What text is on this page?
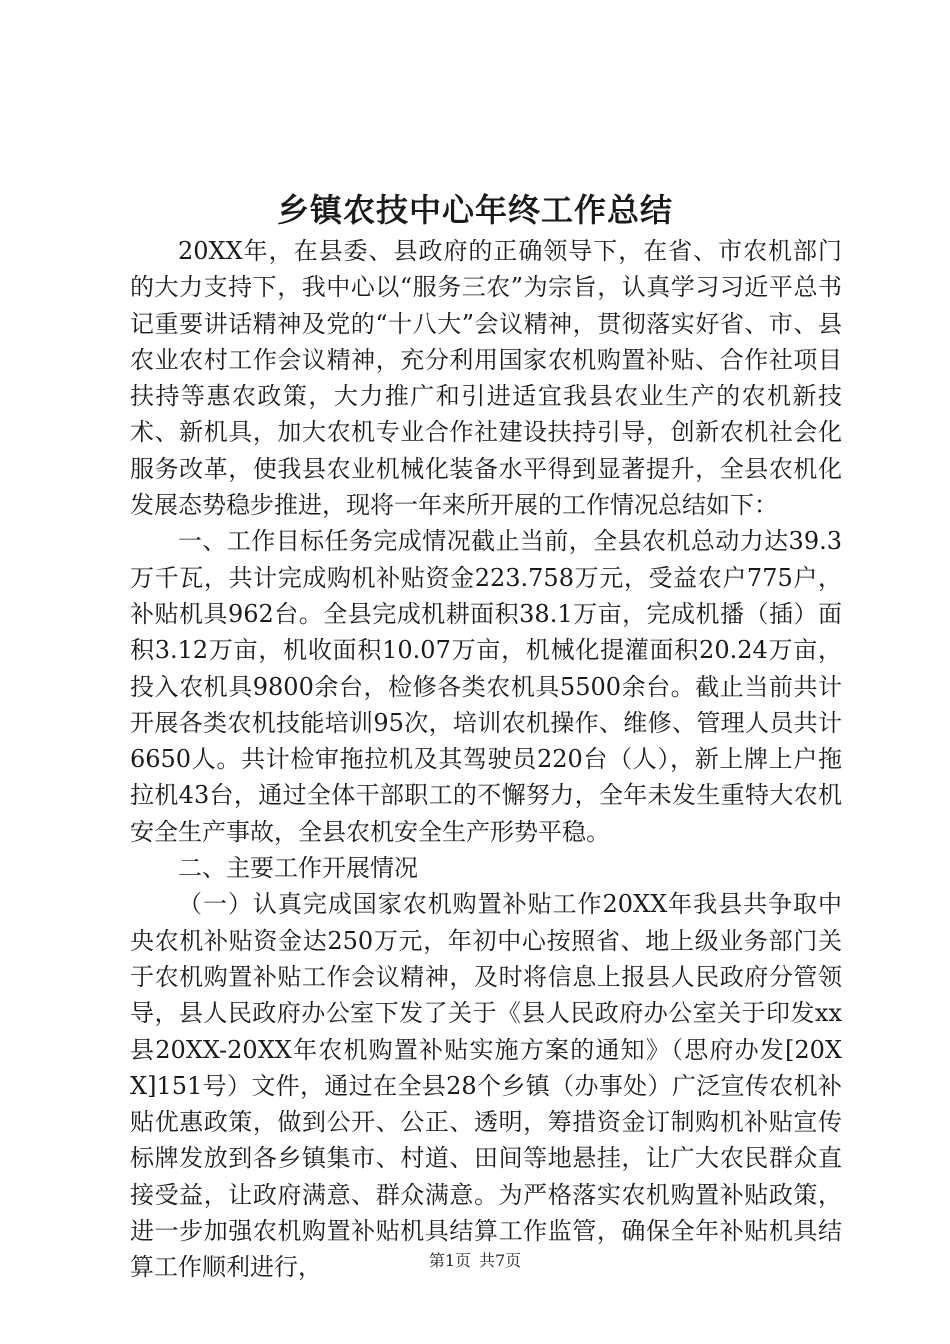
乡镇农技中心年终工作总结

20XX年，在县委、县政府的正确领导下，在省、市农机部门的大力支持下，我中心以“服务三农”为宗旨，认真学习习近平总书记重要讲话精神及党的“十八大”会议精神，贯彻落实好省、市、县农业农村工作会议精神，充分利用国家农机购置补贴、合作社项目扶持等惠农政策，大力推广和引进适宜我县农业生产的农机新技术、新机具，加大农机专业合作社建设扶持引导，创新农机社会化服务改革，使我县农业机械化装备水平得到显著提升，全县农机化发展态势稳步推进，现将一年来所开展的工作情况总结如下：

一、工作目标任务完成情况截止当前，全县农机总动力达39.3万千瓦，共计完成购机补贴资金223.758万元，受益农户775户，补贴机具962台。全县完成机耕面积38.1万亩，完成机播（插）面积3.12万亩，机收面积10.07万亩，机械化提灌面积20.24万亩，投入农机具9800余台，检修各类农机具5500余台。截止当前共计开展各类农机技能培训95次，培训农机操作、维修、管理人员共计6650人。共计检审拖拉机及其驾驶员220台（人），新上牌上户拖拉机43台，通过全体干部职工的不懈努力，全年未发生重特大农机安全生产事故，全县农机安全生产形势平稳。

二、主要工作开展情况

（一）认真完成国家农机购置补贴工作20XX年我县共争取中央农机补贴资金达250万元，年初中心按照省、地上级业务部门关于农机购置补贴工作会议精神，及时将信息上报县人民政府分管领导，县人民政府办公室下发了关于《县人民政府办公室关于印发xx县20XX-20XX年农机购置补贴实施方案的通知》（思府办发[20XX]151号）文件，通过在全县28个乡镇（办事处）广泛宣传农机补贴优惠政策，做到公开、公正、透明，筹措资金订制购机补贴宣传标牌发放到各乡镇集市、村道、田间等地悬挂，让广大农民群众直接受益，让政府满意、群众满意。为严格落实农机购置补贴政策，进一步加强农机购置补贴机具结算工作监管，确保全年补贴机具结算工作顺利进行，	第1页 共7页
